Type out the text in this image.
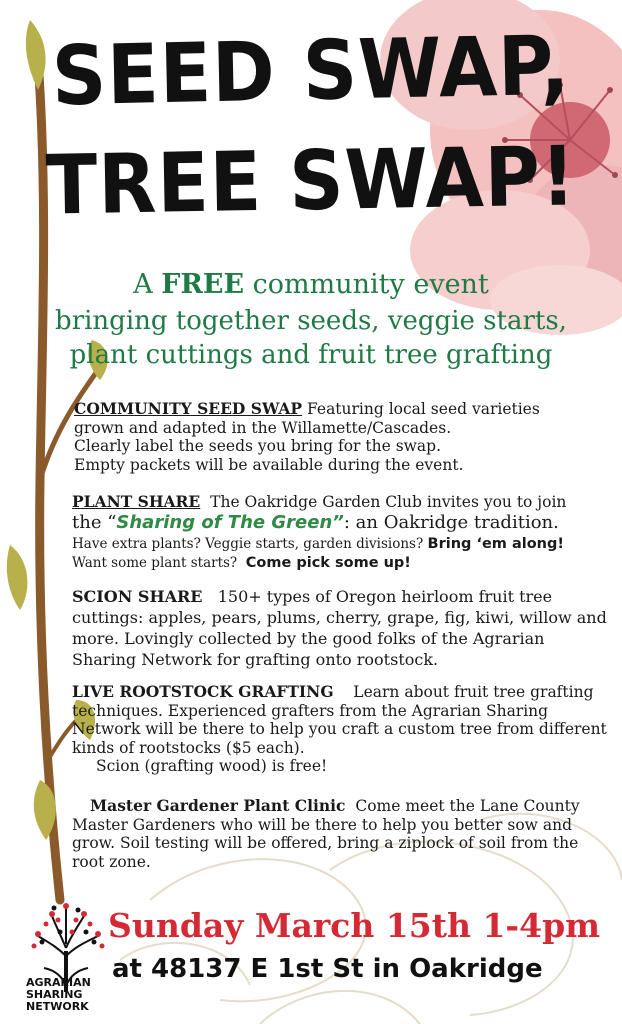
SEED SWAP,
TREE SWAP!
A FREE community event
bringing together seeds, veggie starts,
plant cuttings and fruit tree grafting
COMMUNITY SEED SWAP Featuring local seed varieties grown and adapted in the Willamette/Cascades.
Clearly label the seeds you bring for the swap.
Empty packets will be available during the event.
PLANT SHARE The Oakridge Garden Club invites you to join
the “Sharing of The Green”: an Oakridge tradition.
Have extra plants? Veggie starts, garden divisions? Bring ‘em along!
Want some plant starts? Come pick some up!
SCION SHARE 150+ types of Oregon heirloom fruit tree cuttings: apples, pears, plums, cherry, grape, fig, kiwi, willow and more. Lovingly collected by the good folks of the Agrarian Sharing Network for grafting onto rootstock.
LIVE ROOTSTOCK GRAFTING Learn about fruit tree grafting techniques. Experienced grafters from the Agrarian Sharing Network will be there to help you craft a custom tree from different kinds of rootstocks ($5 each).
Scion (grafting wood) is free!
Master Gardener Plant Clinic Come meet the Lane County Master Gardeners who will be there to help you better sow and grow. Soil testing will be offered, bring a ziplock of soil from the root zone.
Sunday March 15th 1-4pm
at 48137 E 1st St in Oakridge
AGRARIAN
SHARING
NETWORK
